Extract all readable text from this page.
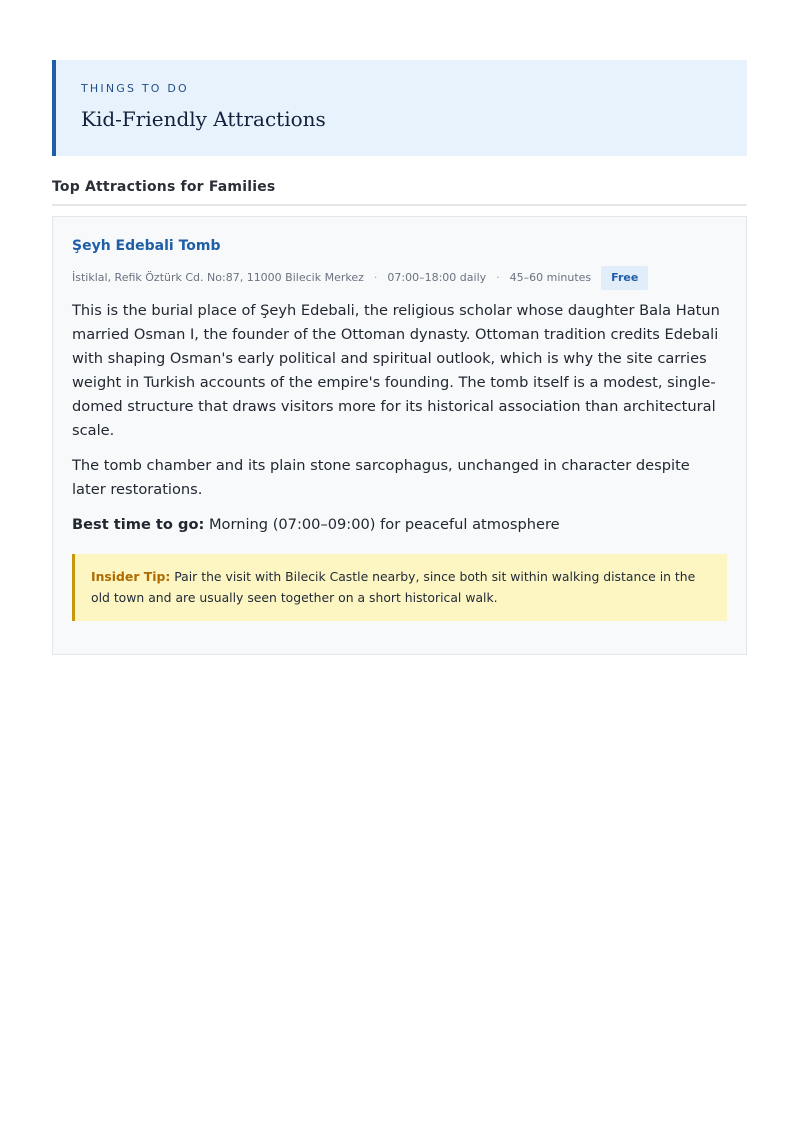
THINGS TO DO
Kid-Friendly Attractions
Top Attractions for Families
Şeyh Edebali Tomb
İstiklal, Refik Öztürk Cd. No:87, 11000 Bilecik Merkez · 07:00–18:00 daily · 45–60 minutes	Free

This is the burial place of Şeyh Edebali, the religious scholar whose daughter Bala Hatun married Osman I, the founder of the Ottoman dynasty. Ottoman tradition credits Edebali with shaping Osman's early political and spiritual outlook, which is why the site carries weight in Turkish accounts of the empire's founding. The tomb itself is a modest, single-domed structure that draws visitors more for its historical association than architectural scale.

The tomb chamber and its plain stone sarcophagus, unchanged in character despite later restorations.

Best time to go: Morning (07:00–09:00) for peaceful atmosphere
Insider Tip: Pair the visit with Bilecik Castle nearby, since both sit within walking distance in the old town and are usually seen together on a short historical walk.
